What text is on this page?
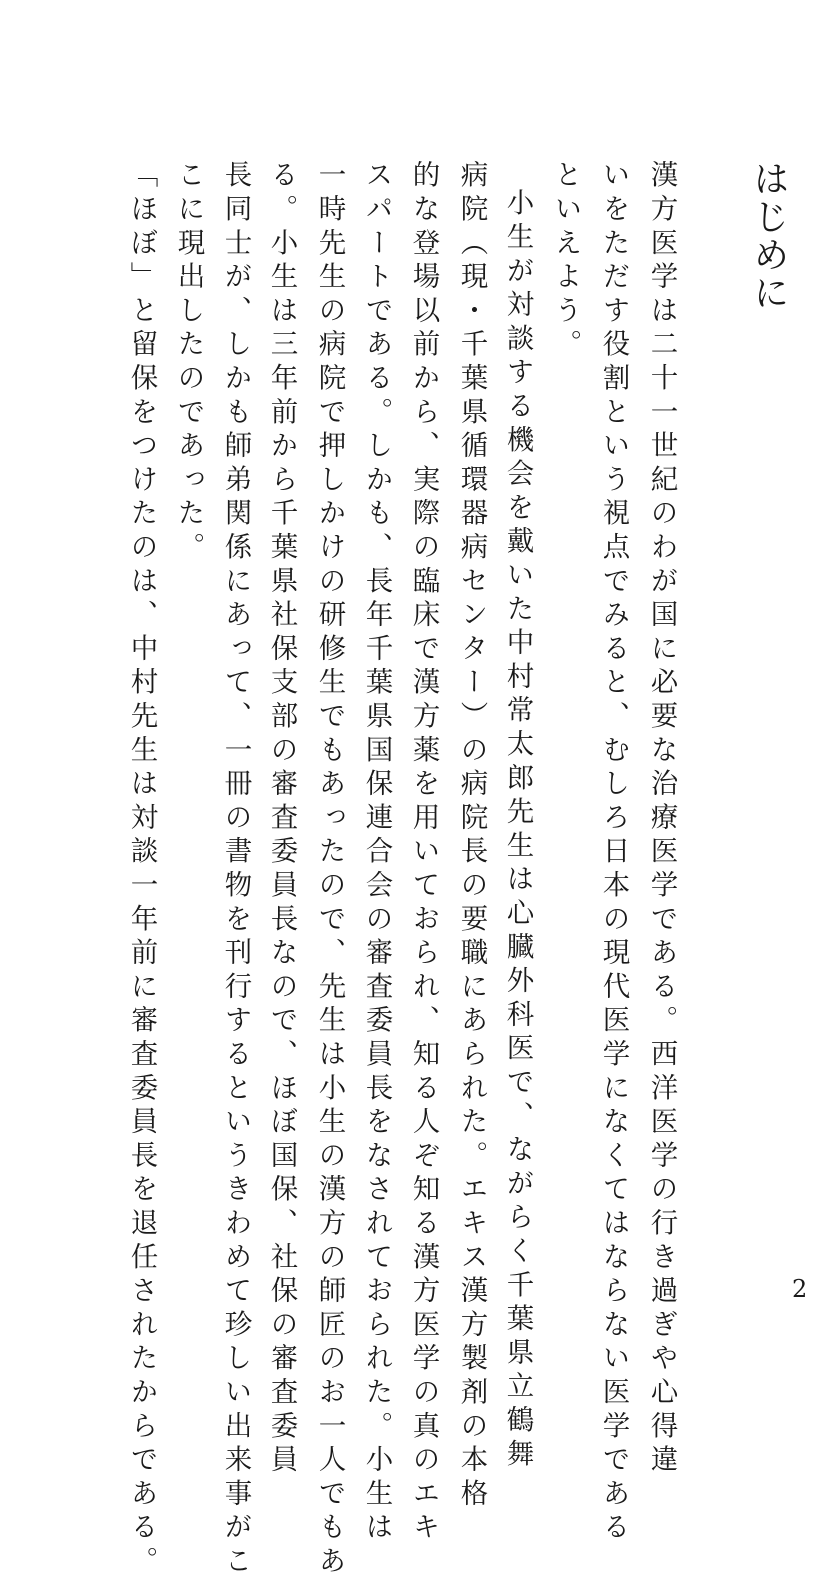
はじめに
漢方医学は二十一世紀のわが国に必要な治療医学である。西洋医学の行き過ぎや心得違
いをただす役割という視点でみると、むしろ日本の現代医学になくてはならない医学である
といえよう。
小生が対談する機会を戴いた中村常太郎先生は心臓外科医で、ながらく千葉県立鶴舞
病院（現・千葉県循環器病センター）の病院長の要職にあられた。エキス漢方製剤の本格
的な登場以前から、実際の臨床で漢方薬を用いておられ、知る人ぞ知る漢方医学の真のエキ
スパートである。しかも、長年千葉県国保連合会の審査委員長をなされておられた。小生は
一時先生の病院で押しかけの研修生でもあったので、先生は小生の漢方の師匠のお一人でもあ
る。小生は三年前から千葉県社保支部の審査委員長なので、ほぼ国保、社保の審査委員
長同士が、しかも師弟関係にあって、一冊の書物を刊行するというきわめて珍しい出来事がこ
こに現出したのであった。
「ほぼ」と留保をつけたのは、中村先生は対談一年前に審査委員長を退任されたからである。	2
